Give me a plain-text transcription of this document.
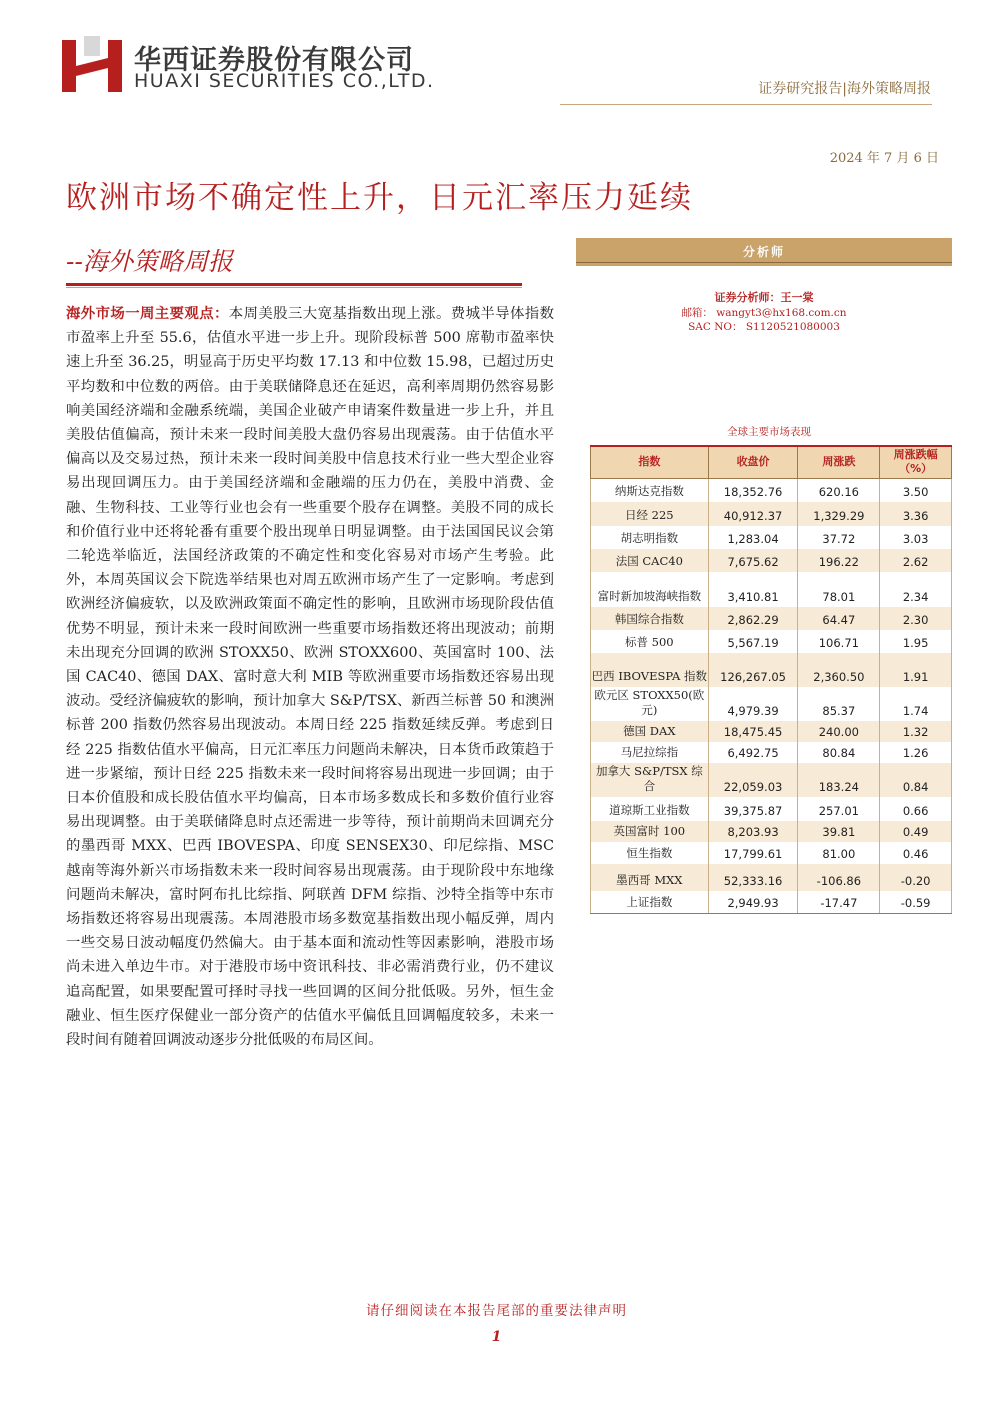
华西证券股份有限公司
HUAXI SECURITIES CO.,LTD.	证券研究报告|海外策略周报
2024 年 7 月 6 日
欧洲市场不确定性上升，日元汇率压力延续
--海外策略周报
海外市场一周主要观点：本周美股三大宽基指数出现上涨。费城半导体指数市盈率上升至 55.6，估值水平进一步上升。现阶段标普 500 席勒市盈率快速上升至 36.25，明显高于历史平均数 17.13 和中位数 15.98，已超过历史平均数和中位数的两倍。由于美联储降息还在延迟，高利率周期仍然容易影响美国经济端和金融系统端，美国企业破产申请案件数量进一步上升，并且美股估值偏高，预计未来一段时间美股大盘仍容易出现震荡。由于估值水平偏高以及交易过热，预计未来一段时间美股中信息技术行业一些大型企业容易出现回调压力。由于美国经济端和金融端的压力仍在，美股中消费、金融、生物科技、工业等行业也会有一些重要个股存在调整。美股不同的成长和价值行业中还将轮番有重要个股出现单日明显调整。由于法国国民议会第二轮选举临近，法国经济政策的不确定性和变化容易对市场产生考验。此外，本周英国议会下院选举结果也对周五欧洲市场产生了一定影响。考虑到欧洲经济偏疲软，以及欧洲政策面不确定性的影响，且欧洲市场现阶段估值优势不明显，预计未来一段时间欧洲一些重要市场指数还将出现波动；前期未出现充分回调的欧洲 STOXX50、欧洲 STOXX600、英国富时 100、法国 CAC40、德国 DAX、富时意大利 MIB 等欧洲重要市场指数还容易出现波动。受经济偏疲软的影响，预计加拿大 S&P/TSX、新西兰标普 50 和澳洲标普 200 指数仍然容易出现波动。本周日经 225 指数延续反弹。考虑到日经 225 指数估值水平偏高，日元汇率压力问题尚未解决，日本货币政策趋于进一步紧缩，预计日经 225 指数未来一段时间将容易出现进一步回调；由于日本价值股和成长股估值水平均偏高，日本市场多数成长和多数价值行业容易出现调整。由于美联储降息时点还需进一步等待，预计前期尚未回调充分的墨西哥 MXX、巴西 IBOVESPA、印度 SENSEX30、印尼综指、MSC 越南等海外新兴市场指数未来一段时间容易出现震荡。由于现阶段中东地缘问题尚未解决，富时阿布扎比综指、阿联酋 DFM 综指、沙特全指等中东市场指数还将容易出现震荡。本周港股市场多数宽基指数出现小幅反弹，周内一些交易日波动幅度仍然偏大。由于基本面和流动性等因素影响，港股市场尚未进入单边牛市。对于港股市场中资讯科技、非必需消费行业，仍不建议追高配置，如果要配置可择时寻找一些回调的区间分批低吸。另外，恒生金融业、恒生医疗保健业一部分资产的估值水平偏低且回调幅度较多，未来一段时间有随着回调波动逐步分批低吸的布局区间。
分析师
证券分析师：王一棠
邮箱： wangyt3@hx168.com.cn
SAC NO： S1120521080003
全球主要市场表现
指数	收盘价	周涨跌	周涨跌幅（%）
纳斯达克指数	18,352.76	620.16	3.50
日经 225	40,912.37	1,329.29	3.36
胡志明指数	1,283.04	37.72	3.03
法国 CAC40	7,675.62	196.22	2.62
富时新加坡海峡指数	3,410.81	78.01	2.34
韩国综合指数	2,862.29	64.47	2.30
标普 500	5,567.19	106.71	1.95
巴西 IBOVESPA 指数	126,267.05	2,360.50	1.91
欧元区 STOXX50(欧元)	4,979.39	85.37	1.74
德国 DAX	18,475.45	240.00	1.32
马尼拉综指	6,492.75	80.84	1.26
加拿大 S&P/TSX 综合	22,059.03	183.24	0.84
道琼斯工业指数	39,375.87	257.01	0.66
英国富时 100	8,203.93	39.81	0.49
恒生指数	17,799.61	81.00	0.46
墨西哥 MXX	52,333.16	-106.86	-0.20
上证指数	2,949.93	-17.47	-0.59
请仔细阅读在本报告尾部的重要法律声明
1
